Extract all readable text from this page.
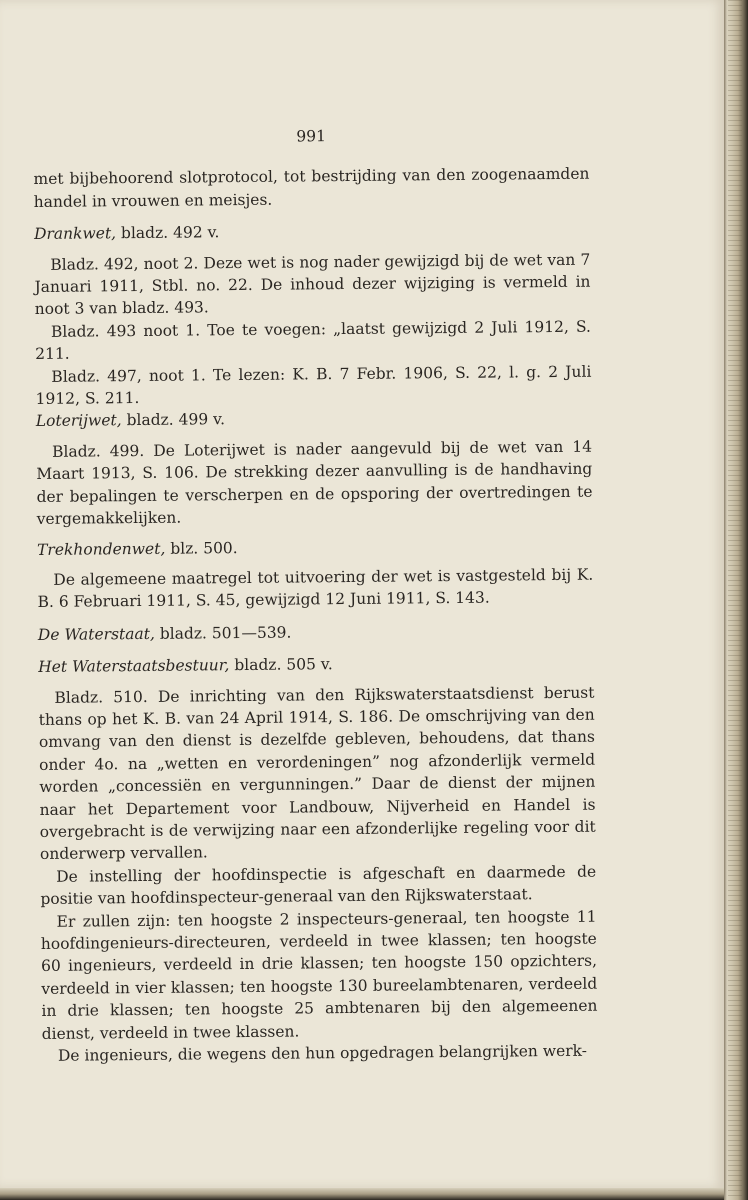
991

met bijbehoorend slotprotocol, tot bestrijding van den zoogenaamden handel in vrouwen en meisjes.

Drankwet, bladz. 492 v.

Bladz. 492, noot 2. Deze wet is nog nader gewijzigd bij de wet van 7 Januari 1911, Stbl. no. 22. De inhoud dezer wijziging is vermeld in noot 3 van bladz. 493.

Bladz. 493 noot 1. Toe te voegen: „laatst gewijzigd 2 Juli 1912, S. 211.

Bladz. 497, noot 1. Te lezen: K. B. 7 Febr. 1906, S. 22, l. g. 2 Juli 1912, S. 211.

Loterijwet, bladz. 499 v.

Bladz. 499. De Loterijwet is nader aangevuld bij de wet van 14 Maart 1913, S. 106. De strekking dezer aanvulling is de handhaving der bepalingen te verscherpen en de opsporing der overtredingen te vergemakkelijken.

Trekhondenwet, blz. 500.

De algemeene maatregel tot uitvoering der wet is vastgesteld bij K. B. 6 Februari 1911, S. 45, gewijzigd 12 Juni 1911, S. 143.

De Waterstaat, bladz. 501—539.

Het Waterstaatsbestuur, bladz. 505 v.

Bladz. 510. De inrichting van den Rijkswaterstaatsdienst berust thans op het K. B. van 24 April 1914, S. 186. De omschrijving van den omvang van den dienst is dezelfde gebleven, behoudens, dat thans onder 4o. na „wetten en verordeningen” nog afzonderlijk vermeld worden „concessiën en vergunningen.” Daar de dienst der mijnen naar het Departement voor Landbouw, Nijverheid en Handel is overgebracht is de verwijzing naar een afzonderlijke regeling voor dit onderwerp vervallen.

De instelling der hoofdinspectie is afgeschaft en daarmede de positie van hoofdinspecteur-generaal van den Rijkswaterstaat.

Er zullen zijn: ten hoogste 2 inspecteurs-generaal, ten hoogste 11 hoofdingenieurs-directeuren, verdeeld in twee klassen; ten hoogste 60 ingenieurs, verdeeld in drie klassen; ten hoogste 150 opzichters, verdeeld in vier klassen; ten hoogste 130 bureelambtenaren, verdeeld in drie klassen; ten hoogste 25 ambtenaren bij den algemeenen dienst, verdeeld in twee klassen.

De ingenieurs, die wegens den hun opgedragen belangrijken werk-
